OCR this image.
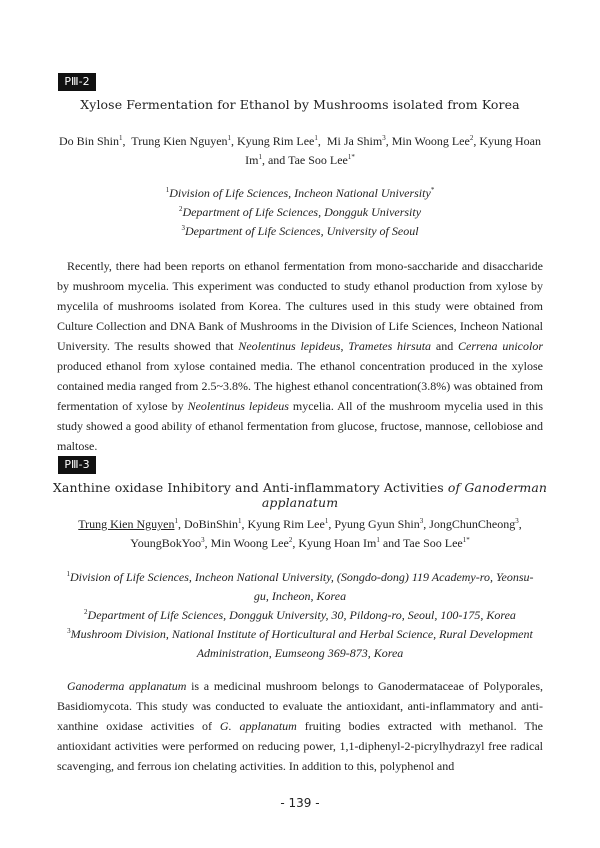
PⅢ-2
Xylose Fermentation for Ethanol by Mushrooms isolated from Korea
Do Bin Shin$^1$,  Trung Kien Nguyen$^1$, Kyung Rim Lee$^1$,  Mi Ja Shim$^3$, Min Woong Lee$^2$, Kyung Hoan Im$^1$, and Tae Soo Lee$^{1*}$
$^1$Division of Life Sciences, Incheon National University*
$^2$Department of Life Sciences, Dongguk University
$^3$Department of Life Sciences, University of Seoul

Recently, there had been reports on ethanol fermentation from mono-saccharide and disaccharide by mushroom mycelia. This experiment was conducted to study ethanol production from xylose by mycelila of mushrooms isolated from Korea. The cultures used in this study were obtained from Culture Collection and DNA Bank of Mushrooms in the Division of Life Sciences, Incheon National University. The results showed that Neolentinus lepideus, Trametes hirsuta and Cerrena unicolor produced ethanol from xylose contained media. The ethanol concentration produced in the xylose contained media ranged from 2.5~3.8%. The highest ethanol concentration(3.8%) was obtained from fermentation of xylose by Neolentinus lepideus mycelia. All of the mushroom mycelia used in this study showed a good ability of ethanol fermentation from glucose, fructose, mannose, cellobiose and maltose.

PⅢ-3
Xanthine oxidase Inhibitory and Anti-inflammatory Activities of Ganoderman applanatum
Trung Kien Nguyen$^1$, DoBinShin$^1$, Kyung Rim Lee$^1$, Pyung Gyun Shin$^3$, JongChunCheong$^3$, YoungBokYoo$^3$, Min Woong Lee$^2$, Kyung Hoan Im$^1$ and Tae Soo Lee$^{1*}$
$^1$Division of Life Sciences, Incheon National University, (Songdo-dong) 119 Academy-ro, Yeonsu-gu, Incheon, Korea
$^2$Department of Life Sciences, Dongguk University, 30, Pildong-ro, Seoul, 100-175, Korea
$^3$Mushroom Division, National Institute of Horticultural and Herbal Science, Rural Development Administration, Eumseong 369-873, Korea

Ganoderma applanatum is a medicinal mushroom belongs to Ganodermataceae of Polyporales, Basidiomycota. This study was conducted to evaluate the antioxidant, anti-inflammatory and anti-xanthine oxidase activities of G. applanatum fruiting bodies extracted with methanol. The antioxidant activities were performed on reducing power, 1,1-diphenyl-2-picrylhydrazyl free radical scavenging, and ferrous ion chelating activities. In addition to this, polyphenol and

- 139 -
